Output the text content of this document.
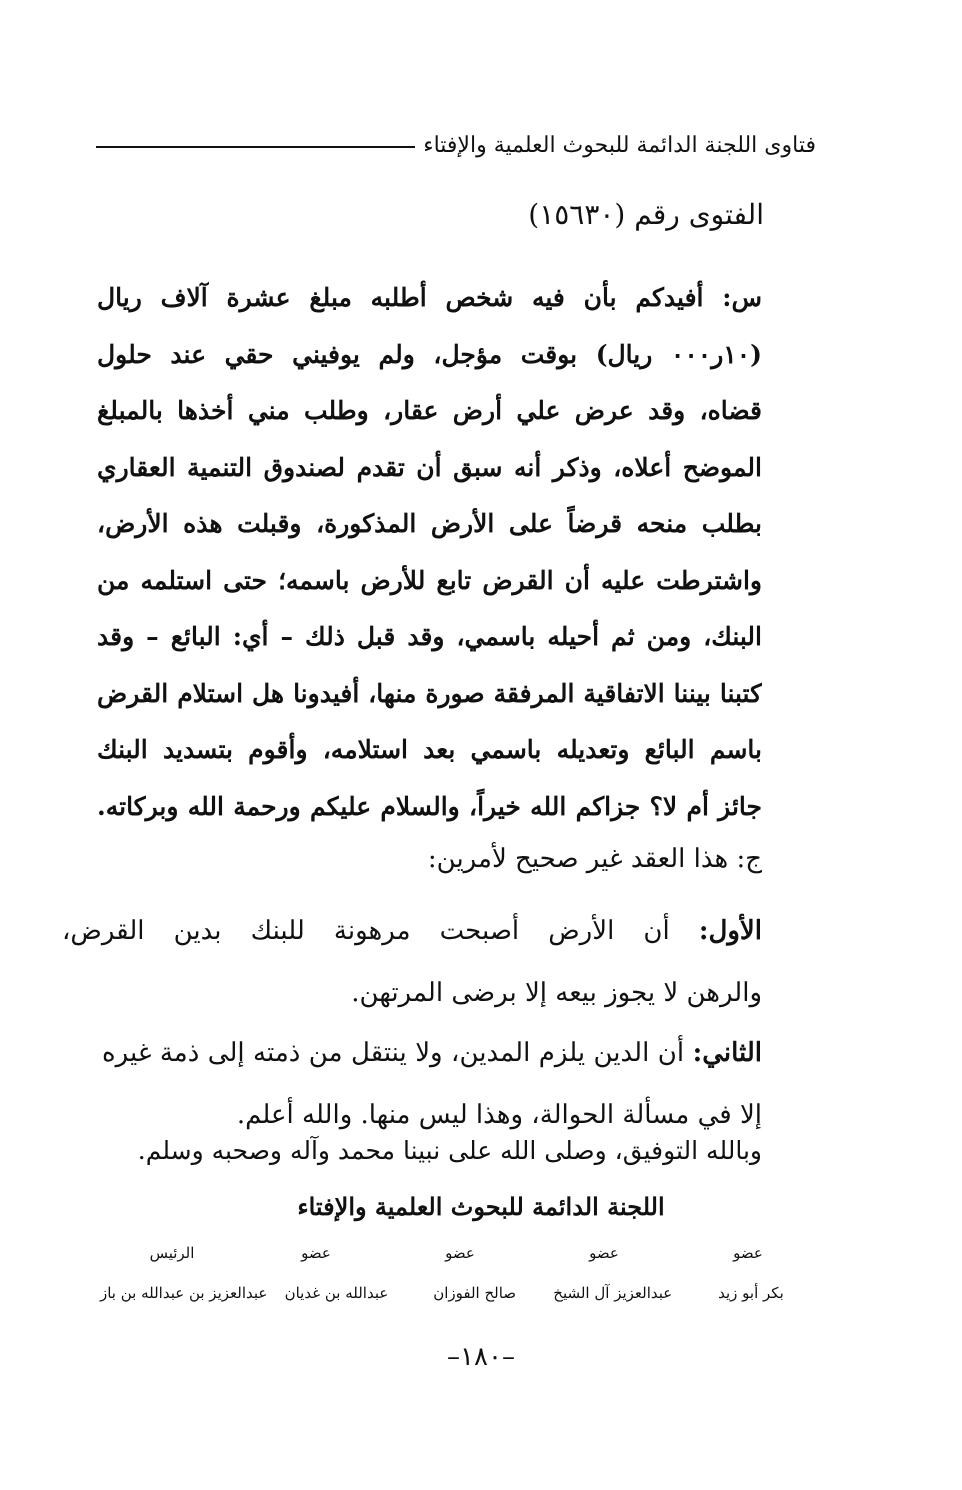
فتاوى اللجنة الدائمة للبحوث العلمية والإفتاء
الفتوى رقم (١٥٦٣٠)
س: أفيدكم بأن فيه شخص أطلبه مبلغ عشرة آلاف ريال
(١٠ر٠٠٠ ريال) بوقت مؤجل، ولم يوفيني حقي عند حلول
قضاه، وقد عرض علي أرض عقار، وطلب مني أخذها بالمبلغ
الموضح أعلاه، وذكر أنه سبق أن تقدم لصندوق التنمية العقاري
بطلب منحه قرضاً على الأرض المذكورة، وقبلت هذه الأرض،
واشترطت عليه أن القرض تابع للأرض باسمه؛ حتى استلمه من
البنك، ومن ثم أحيله باسمي، وقد قبل ذلك – أي: البائع – وقد
كتبنا بيننا الاتفاقية المرفقة صورة منها، أفيدونا هل استلام القرض
باسم البائع وتعديله باسمي بعد استلامه، وأقوم بتسديد البنك
جائز أم لا؟ جزاكم الله خيراً، والسلام عليكم ورحمة الله وبركاته.
ج: هذا العقد غير صحيح لأمرين:
الأول: أن الأرض أصبحت مرهونة للبنك بدين القرض،
والرهن لا يجوز بيعه إلا برضى المرتهن.
الثاني: أن الدين يلزم المدين، ولا ينتقل من ذمته إلى ذمة غيره
إلا في مسألة الحوالة، وهذا ليس منها. والله أعلم.
وبالله التوفيق، وصلى الله على نبينا محمد وآله وصحبه وسلم.
اللجنة الدائمة للبحوث العلمية والإفتاء
عضو
عضو
عضو
عضو
الرئيس
بكر أبو زيد
عبدالعزيز آل الشيخ
صالح الفوزان
عبدالله بن غديان
عبدالعزيز بن عبدالله بن باز
–١٨٠–
